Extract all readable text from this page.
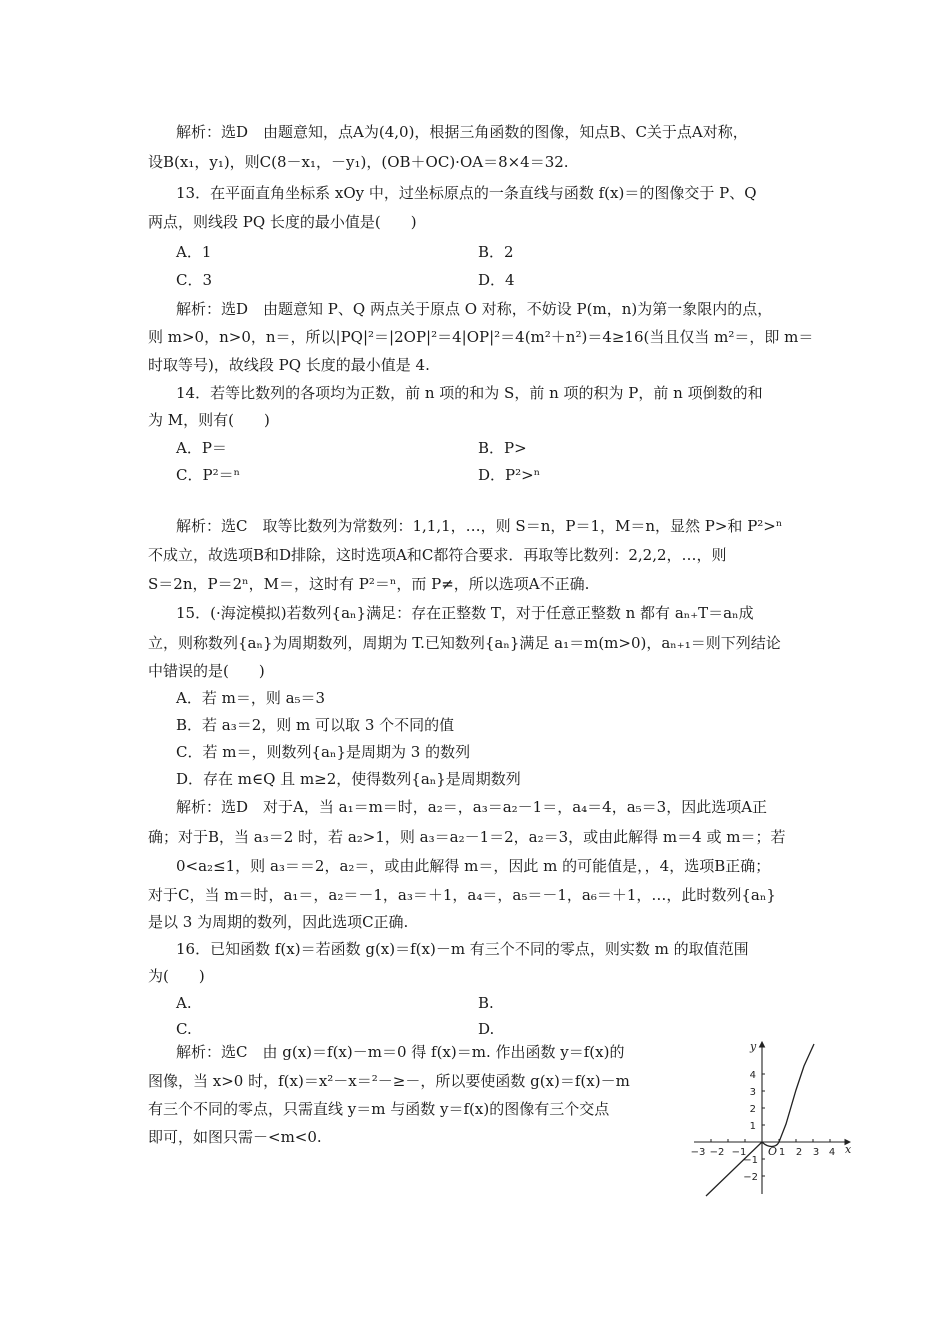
解析：选D　由题意知，点A为(4,0)，根据三角函数的图像，知点B、C关于点A对称，
设B(x₁，y₁)，则C(8－x₁，－y₁)，(OB＋OC)·OA＝8×4＝32.
13．在平面直角坐标系 xOy 中，过坐标原点的一条直线与函数 f(x)＝的图像交于 P、Q
两点，则线段 PQ 长度的最小值是(　　)
A．1	B．2
C．3	D．4
解析：选D　由题意知 P、Q 两点关于原点 O 对称，不妨设 P(m，n)为第一象限内的点，
则 m>0，n>0，n＝，所以|PQ|²＝|2OP|²＝4|OP|²＝4(m²＋n²)＝4≥16(当且仅当 m²＝，即 m＝
时取等号)，故线段 PQ 长度的最小值是 4.
14．若等比数列的各项均为正数，前 n 项的和为 S，前 n 项的积为 P，前 n 项倒数的和
为 M，则有(　　)
A．P＝	B．P>
C．P²＝ⁿ	D．P²>ⁿ
解析：选C　取等比数列为常数列：1,1,1，…，则 S＝n，P＝1，M＝n，显然 P>和 P²>ⁿ
不成立，故选项B和D排除，这时选项A和C都符合要求．再取等比数列：2,2,2，…，则
S＝2n，P＝2ⁿ，M＝，这时有 P²＝ⁿ，而 P≠，所以选项A不正确.
15．(·海淀模拟)若数列{aₙ}满足：存在正整数 T，对于任意正整数 n 都有 aₙ₊T＝aₙ成
立，则称数列{aₙ}为周期数列，周期为 T.已知数列{aₙ}满足 a₁＝m(m>0)，aₙ₊₁＝则下列结论
中错误的是(　　)
A．若 m＝，则 a₅＝3
B．若 a₃＝2，则 m 可以取 3 个不同的值
C．若 m＝，则数列{aₙ}是周期为 3 的数列
D．存在 m∈Q 且 m≥2，使得数列{aₙ}是周期数列
解析：选D　对于A，当 a₁＝m＝时，a₂＝，a₃＝a₂－1＝，a₄＝4，a₅＝3，因此选项A正
确；对于B，当 a₃＝2 时，若 a₂>1，则 a₃＝a₂－1＝2，a₂＝3，或由此解得 m＝4 或 m＝；若
0<a₂≤1，则 a₃＝＝2，a₂＝，或由此解得 m＝，因此 m 的可能值是，，4，选项B正确；
对于C，当 m＝时，a₁＝，a₂＝－1，a₃＝＋1，a₄＝，a₅＝－1，a₆＝＋1，…，此时数列{aₙ}
是以 3 为周期的数列，因此选项C正确.
16．已知函数 f(x)＝若函数 g(x)＝f(x)－m 有三个不同的零点，则实数 m 的取值范围
为(　　)
A.	B.
C.	D.
解析：选C　由 g(x)＝f(x)－m＝0 得 f(x)＝m. 作出函数 y＝f(x)的
图像，当 x>0 时，f(x)＝x²－x＝²－≥－，所以要使函数 g(x)＝f(x)－m
有三个不同的零点，只需直线 y＝m 与函数 y＝f(x)的图像有三个交点
即可，如图只需－<m<0.
−3 −2 −1	1 2 3 4
4
3
2
1
−1
−2
O	x
y
